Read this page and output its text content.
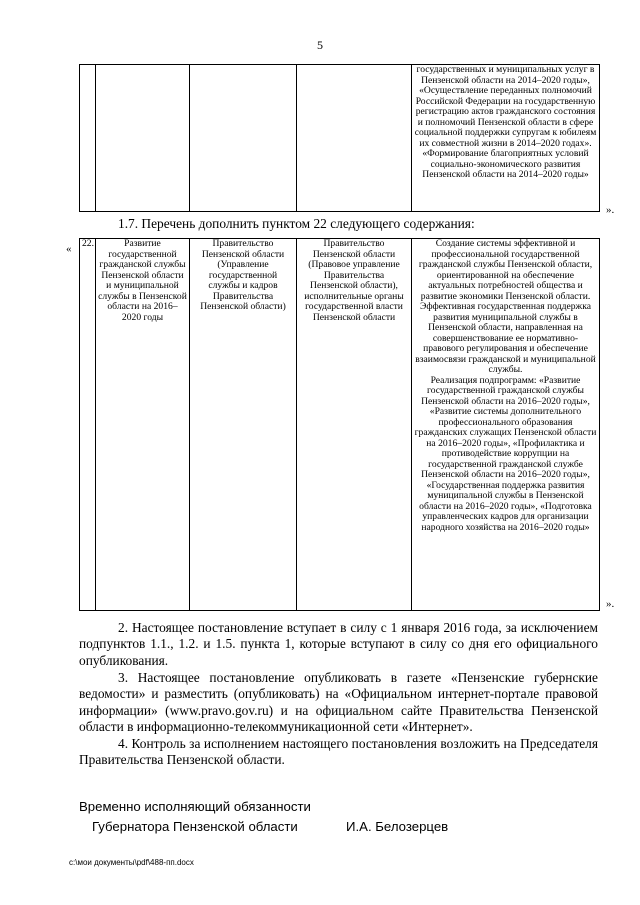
5
				государственных и муниципальных услуг в Пензенской области на 2014–2020 годы», «Осуществление переданных полномочий Российской Федерации на государственную регистрацию актов гражданского состояния и полномочий Пензенской области в сфере социальной поддержки супругам к юбилеям их совместной жизни в 2014–2020 годах». «Формирование благоприятных условий социально-экономического развития Пензенской области на 2014–2020 годы»
».

1.7. Перечень дополнить пунктом 22 следующего содержания:

« 22.	Развитие государственной гражданской службы Пензенской области и муниципальной службы в Пензенской области на 2016–2020 годы	Правительство Пензенской области (Управление государственной службы и кадров Правительства Пензенской области)	Правительство Пензенской области (Правовое управление Правительства Пензенской области), исполнительные органы государственной власти Пензенской области	
Создание системы эффективной и профессиональной государственной гражданской службы Пензенской области, ориентированной на обеспечение актуальных потребностей общества и развитие экономики Пензенской области. Эффективная государственная поддержка развития муниципальной службы в Пензенской области, направленная на совершенствование ее нормативно-правового регулирования и обеспечение взаимосвязи гражданской и муниципальной службы.
Реализация подпрограмм: «Развитие государственной гражданской службы Пензенской области на 2016–2020 годы», «Развитие системы дополнительного профессионального образования гражданских служащих Пензенской области на 2016–2020 годы», «Профилактика и противодействие коррупции на государственной гражданской службе Пензенской области на 2016–2020 годы», «Государственная поддержка развития муниципальной службы в Пензенской области на 2016–2020 годы», «Подготовка управленческих кадров для организации народного хозяйства на 2016–2020 годы»
».

2. Настоящее постановление вступает в силу с 1 января 2016 года, за исключением подпунктов 1.1., 1.2. и 1.5. пункта 1, которые вступают в силу со дня его официального опубликования.

3. Настоящее постановление опубликовать в газете «Пензенские губернские ведомости» и разместить (опубликовать) на «Официальном интернет-портале правовой информации» (www.pravo.gov.ru) и на официальном сайте Правительства Пензенской области в информационно-телекоммуникационной сети «Интернет».

4. Контроль за исполнением настоящего постановления возложить на Председателя Правительства Пензенской области.

Временно исполняющий обязанности
Губернатора Пензенской области	И.А. Белозерцев
c:\мои документы\pdf\488-пп.docx
